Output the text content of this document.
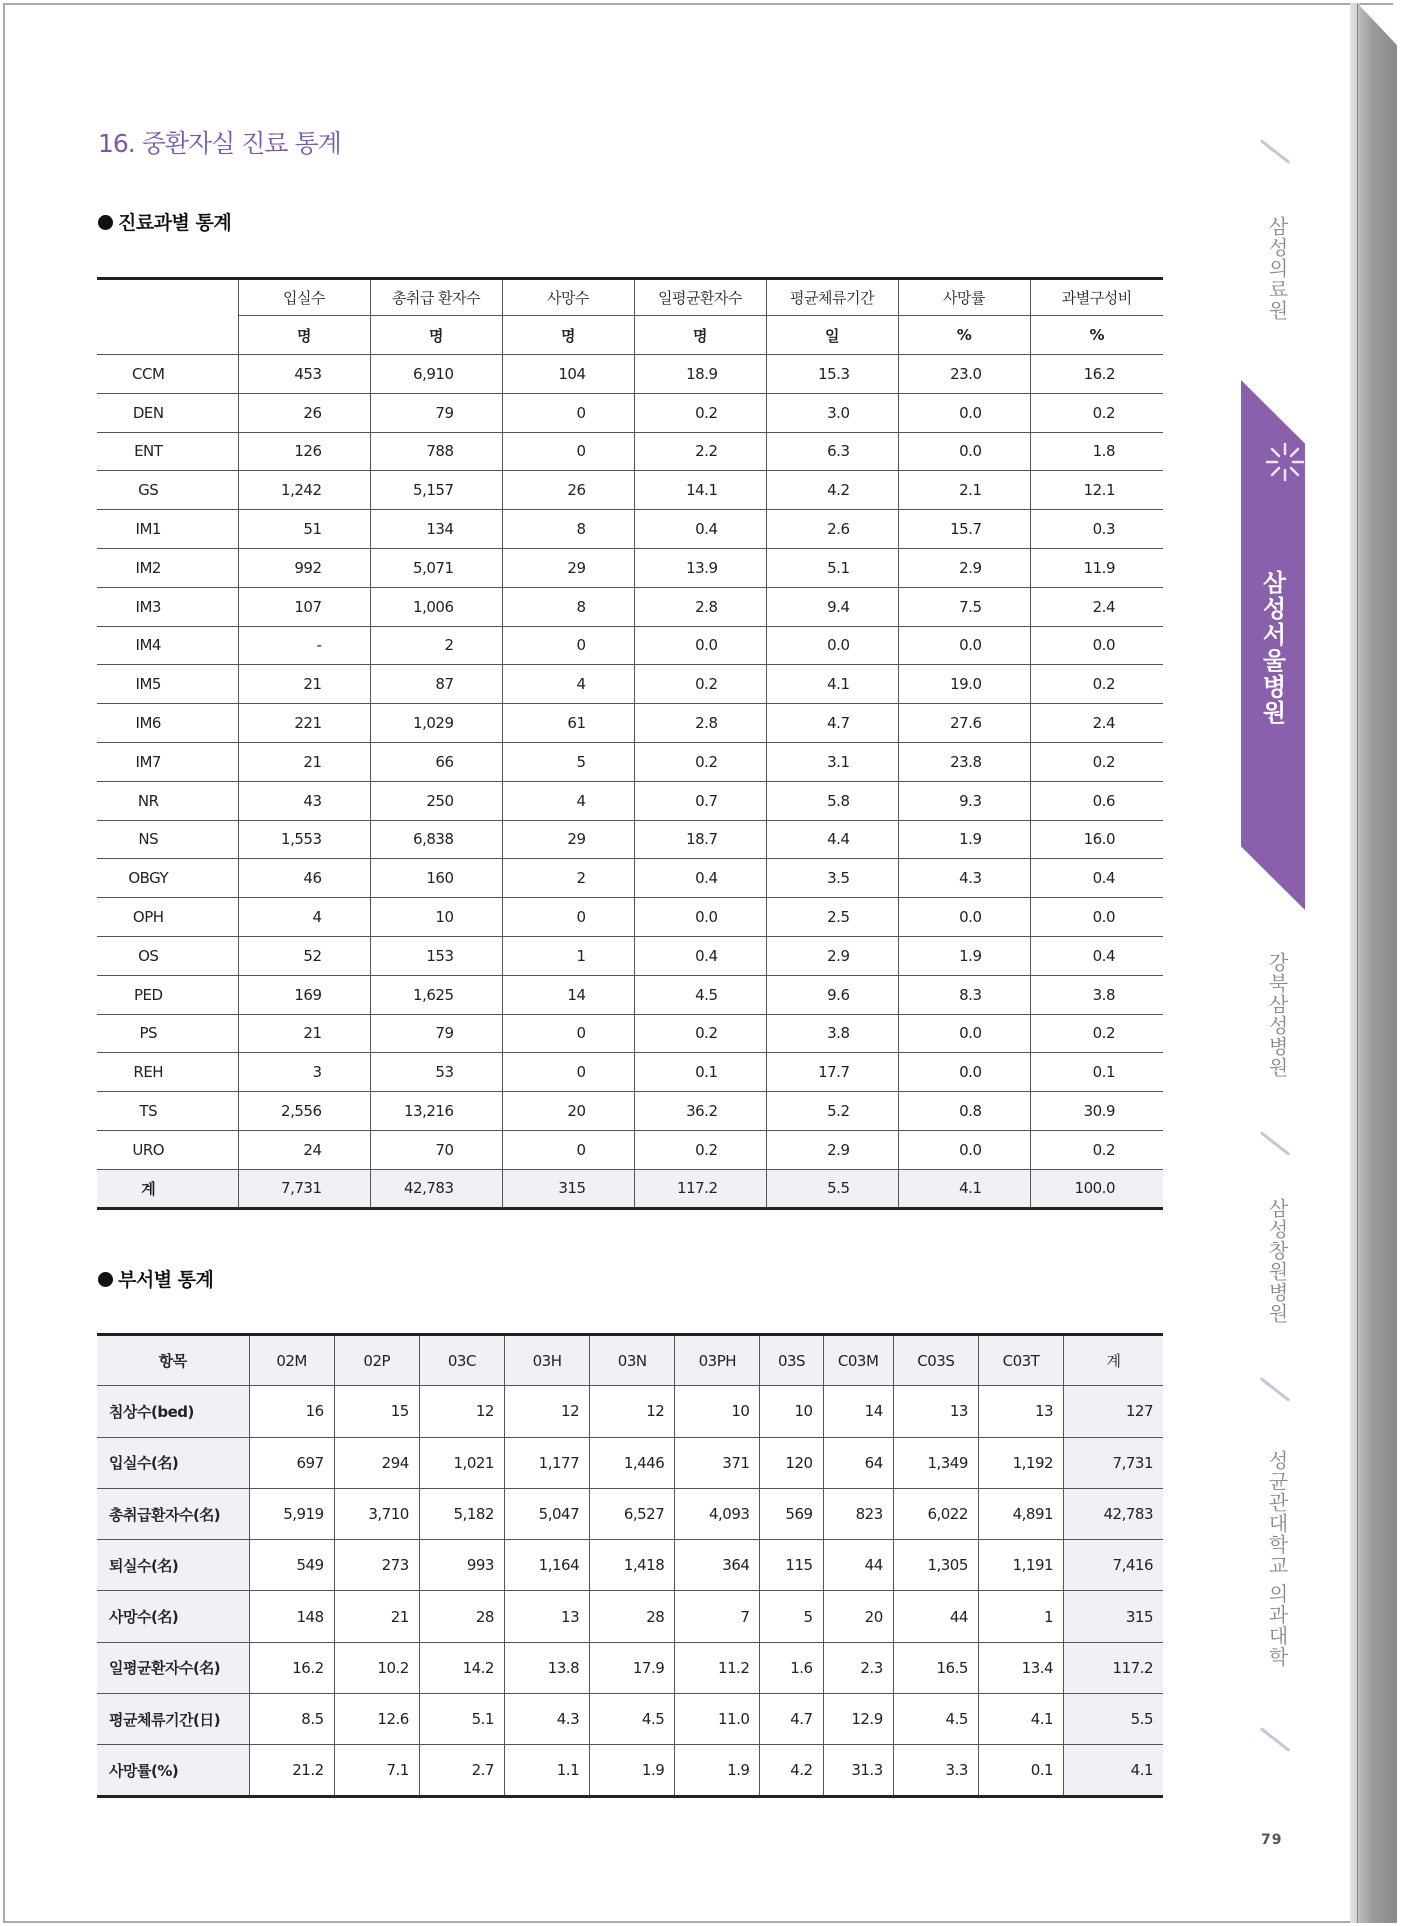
16. 중환자실 진료 통계
진료과별 통계
	입실수	총취급 환자수	사망수	일평균환자수	평균체류기간	사망률	과별구성비
	명	명	명	명	일	%	%
CCM	453	6,910	104	18.9	15.3	23.0	16.2
DEN	26	79	0	0.2	3.0	0.0	0.2
ENT	126	788	0	2.2	6.3	0.0	1.8
GS	1,242	5,157	26	14.1	4.2	2.1	12.1
IM1	51	134	8	0.4	2.6	15.7	0.3
IM2	992	5,071	29	13.9	5.1	2.9	11.9
IM3	107	1,006	8	2.8	9.4	7.5	2.4
IM4	-	2	0	0.0	0.0	0.0	0.0
IM5	21	87	4	0.2	4.1	19.0	0.2
IM6	221	1,029	61	2.8	4.7	27.6	2.4
IM7	21	66	5	0.2	3.1	23.8	0.2
NR	43	250	4	0.7	5.8	9.3	0.6
NS	1,553	6,838	29	18.7	4.4	1.9	16.0
OBGY	46	160	2	0.4	3.5	4.3	0.4
OPH	4	10	0	0.0	2.5	0.0	0.0
OS	52	153	1	0.4	2.9	1.9	0.4
PED	169	1,625	14	4.5	9.6	8.3	3.8
PS	21	79	0	0.2	3.8	0.0	0.2
REH	3	53	0	0.1	17.7	0.0	0.1
TS	2,556	13,216	20	36.2	5.2	0.8	30.9
URO	24	70	0	0.2	2.9	0.0	0.2
계	7,731	42,783	315	117.2	5.5	4.1	100.0
부서별 통계
항목	02M	02P	03C	03H	03N	03PH	03S	C03M	C03S	C03T	계
침상수(bed)	16	15	12	12	12	10	10	14	13	13	127
입실수(名)	697	294	1,021	1,177	1,446	371	120	64	1,349	1,192	7,731
총취급환자수(名)	5,919	3,710	5,182	5,047	6,527	4,093	569	823	6,022	4,891	42,783
퇴실수(名)	549	273	993	1,164	1,418	364	115	44	1,305	1,191	7,416
사망수(名)	148	21	28	13	28	7	5	20	44	1	315
일평균환자수(名)	16.2	10.2	14.2	13.8	17.9	11.2	1.6	2.3	16.5	13.4	117.2
평균체류기간(日)	8.5	12.6	5.1	4.3	4.5	11.0	4.7	12.9	4.5	4.1	5.5
사망률(%)	21.2	7.1	2.7	1.1	1.9	1.9	4.2	31.3	3.3	0.1	4.1
삼성의료원
삼성서울병원
강북삼성병원
삼성창원병원
성균관대학교 의과대학
79
